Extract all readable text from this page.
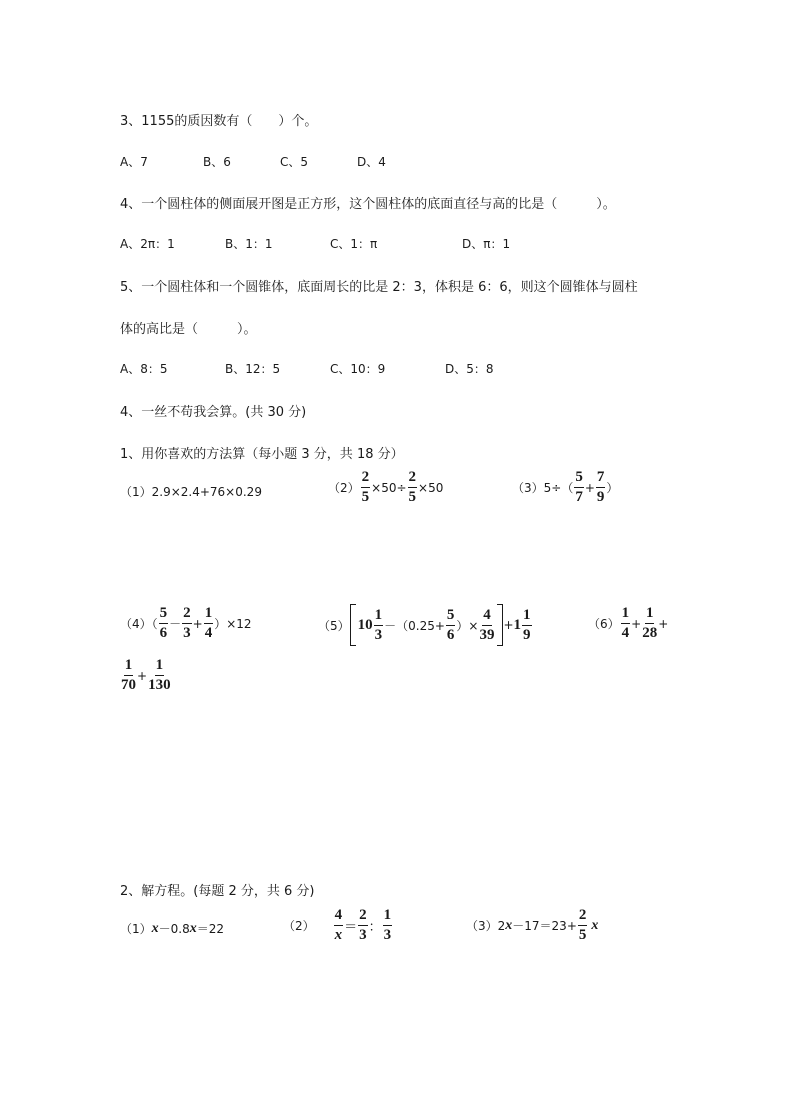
3、1155的质因数有（　　）个。
A、7	B、6	C、5	D、4
4、一个圆柱体的侧面展开图是正方形，这个圆柱体的底面直径与高的比是（　　　）。
A、2π：1	B、1：1	C、1：π	D、π：1
5、一个圆柱体和一个圆锥体，底面周长的比是 2：3，体积是 6：6，则这个圆锥体与圆柱
体的高比是（　　　）。
A、8：5	B、12：5	C、10：9	D、5：8
4、一丝不苟我会算。(共 30 分)
1、用你喜欢的方法算（每小题 3 分，共 18 分）
（1）2.9×2.4+76×0.29	$(2) \frac{2}{5} \times 50\div \frac{2}{5} \times 50$	$(3)5\div( \frac{5}{7} + \frac{7}{9}$ ）
$(4)( \frac{5}{6} - \frac{2}{3} + \frac{1}{4} )\times 12$	（5） $10 \frac{1}{3} -(0.25+ \frac{5}{6}$ ）× $\frac{4}{39} + 1 \frac{1}{9}$	$(6) \frac{1}{4} + \frac{1}{28}$ +
$\frac{1}{70} + \frac{1}{130}$
2、解方程。(每题 2 分，共 6 分)
（1） x －0.8 x ＝22	$(2) \frac{4}{x} = \frac{2}{3}$ ： $\frac{1}{3}$	（3）2 $x -17=23+ \frac{2}{5}$ x
